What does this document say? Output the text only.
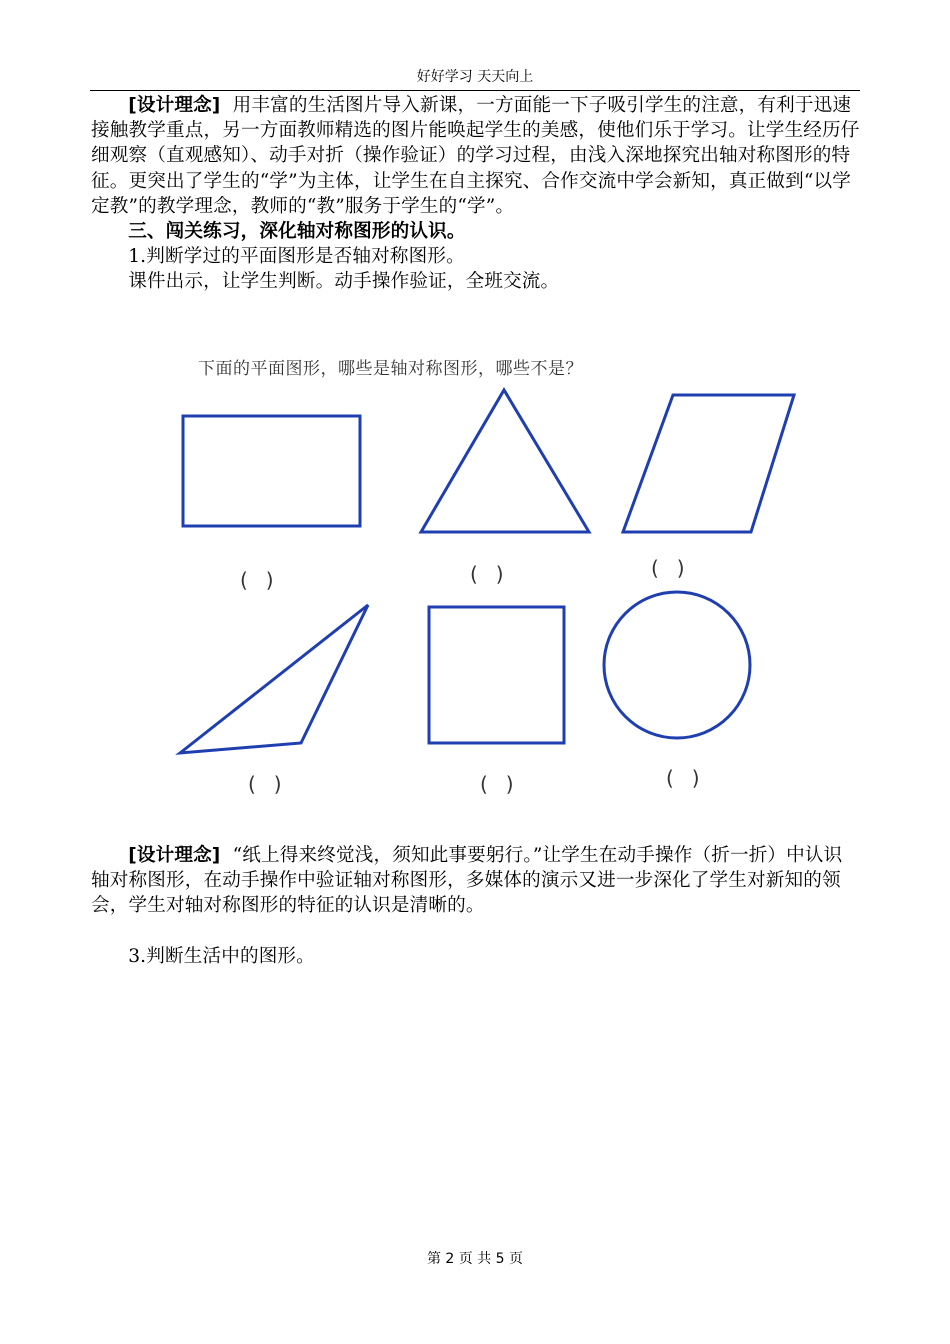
好好学习 天天向上

[设计理念] 用丰富的生活图片导入新课，一方面能一下子吸引学生的注意，有利于迅速接触教学重点，另一方面教师精选的图片能唤起学生的美感，使他们乐于学习。让学生经历仔细观察（直观感知）、动手对折（操作验证）的学习过程，由浅入深地探究出轴对称图形的特征。更突出了学生的“学”为主体，让学生在自主探究、合作交流中学会新知，真正做到“以学定教”的教学理念，教师的“教”服务于学生的“学”。

三、闯关练习，深化轴对称图形的认识。

1.判断学过的平面图形是否轴对称图形。

课件出示，让学生判断。动手操作验证，全班交流。

下面的平面图形，哪些是轴对称图形，哪些不是？
()	()	()
()	()	()

[设计理念] “纸上得来终觉浅，须知此事要躬行。”让学生在动手操作（折一折）中认识轴对称图形，在动手操作中验证轴对称图形，多媒体的演示又进一步深化了学生对新知的领会，学生对轴对称图形的特征的认识是清晰的。

3.判断生活中的图形。

第 2 页 共 5 页
